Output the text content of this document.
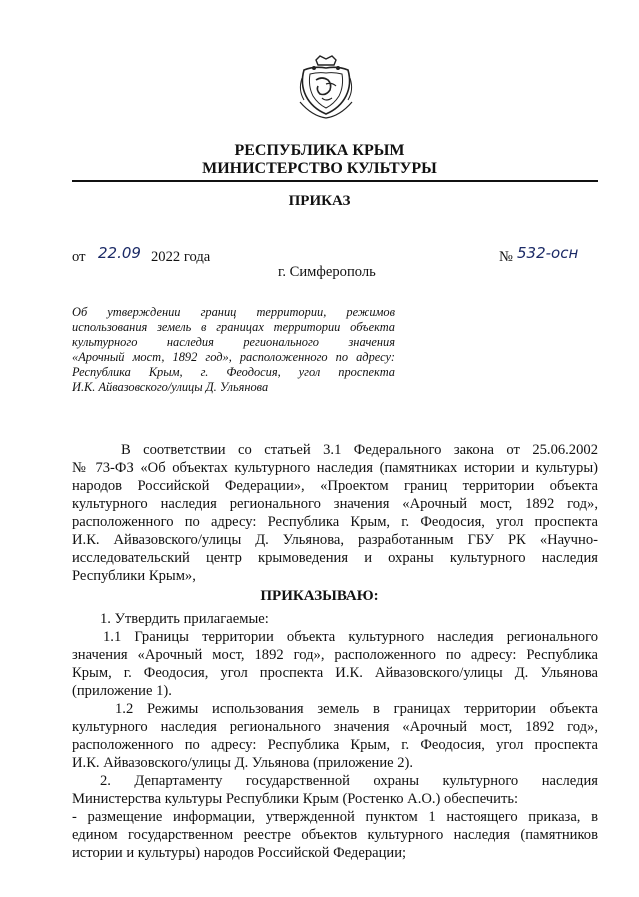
РЕСПУБЛИКА КРЫМ
МИНИСТЕРСТВО КУЛЬТУРЫ
ПРИКАЗ
от 22.09 2022 года	№ 532-осн
г. Симферополь
Об утверждении границ территории, режимов
использования земель в границах территории объекта
культурного наследия регионального значения
«Арочный мост, 1892 год», расположенного по адресу:
Республика Крым, г. Феодосия, угол проспекта
И.К. Айвазовского/улицы Д. Ульянова
В соответствии со статьей 3.1 Федерального закона от 25.06.2002
№ 73-ФЗ «Об объектах культурного наследия (памятниках истории и культуры)
народов Российской Федерации», «Проектом границ территории объекта
культурного наследия регионального значения «Арочный мост, 1892 год»,
расположенного по адресу: Республика Крым, г. Феодосия, угол проспекта
И.К. Айвазовского/улицы Д. Ульянова, разработанным ГБУ РК «Научно-
исследовательский центр крымоведения и охраны культурного наследия
Республики Крым»,
ПРИКАЗЫВАЮ:
1. Утвердить прилагаемые:
1.1 Границы территории объекта культурного наследия регионального
значения «Арочный мост, 1892 год», расположенного по адресу: Республика
Крым, г. Феодосия, угол проспекта И.К. Айвазовского/улицы Д. Ульянова
(приложение 1).
1.2 Режимы использования земель в границах территории объекта
культурного наследия регионального значения «Арочный мост, 1892 год»,
расположенного по адресу: Республика Крым, г. Феодосия, угол проспекта
И.К. Айвазовского/улицы Д. Ульянова (приложение 2).
2. Департаменту государственной охраны культурного наследия
Министерства культуры Республики Крым (Ростенко А.О.) обеспечить:
- размещение информации, утвержденной пунктом 1 настоящего приказа, в
едином государственном реестре объектов культурного наследия (памятников
истории и культуры) народов Российской Федерации;
